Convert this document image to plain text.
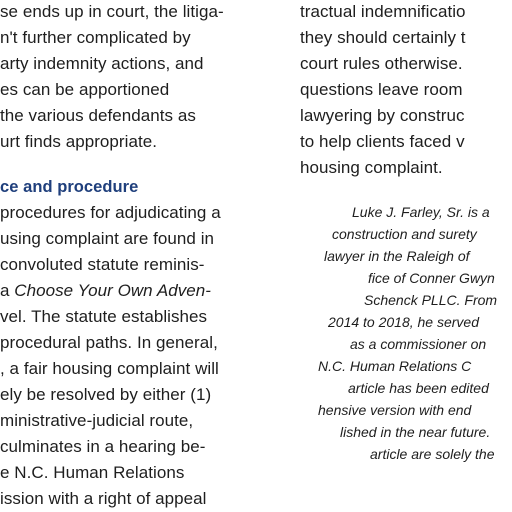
se ends up in court, the litiga-
n't further complicated by
arty indemnity actions, and
es can be apportioned
the various defendants as
urt finds appropriate.
ce and procedure
procedures for adjudicating a
using complaint are found in
convoluted statute reminis-
a Choose Your Own Adven-
vel. The statute establishes
procedural paths. In general,
, a fair housing complaint will
ely be resolved by either (1)
ministrative-judicial route,
culminates in a hearing be-
e N.C. Human Relations
ission with a right of appeal
tractual indemnificatio
they should certainly t
court rules otherwise.
questions leave room
lawyering by construc
to help clients faced v
housing complaint.
Luke J. Farley, Sr. is a
construction and surety
lawyer in the Raleigh of
fice of Conner Gwyn
Schenck PLLC. From
2014 to 2018, he served
as a commissioner on
N.C. Human Relations C
article has been edited
hensive version with end
lished in the near future.
article are solely the
